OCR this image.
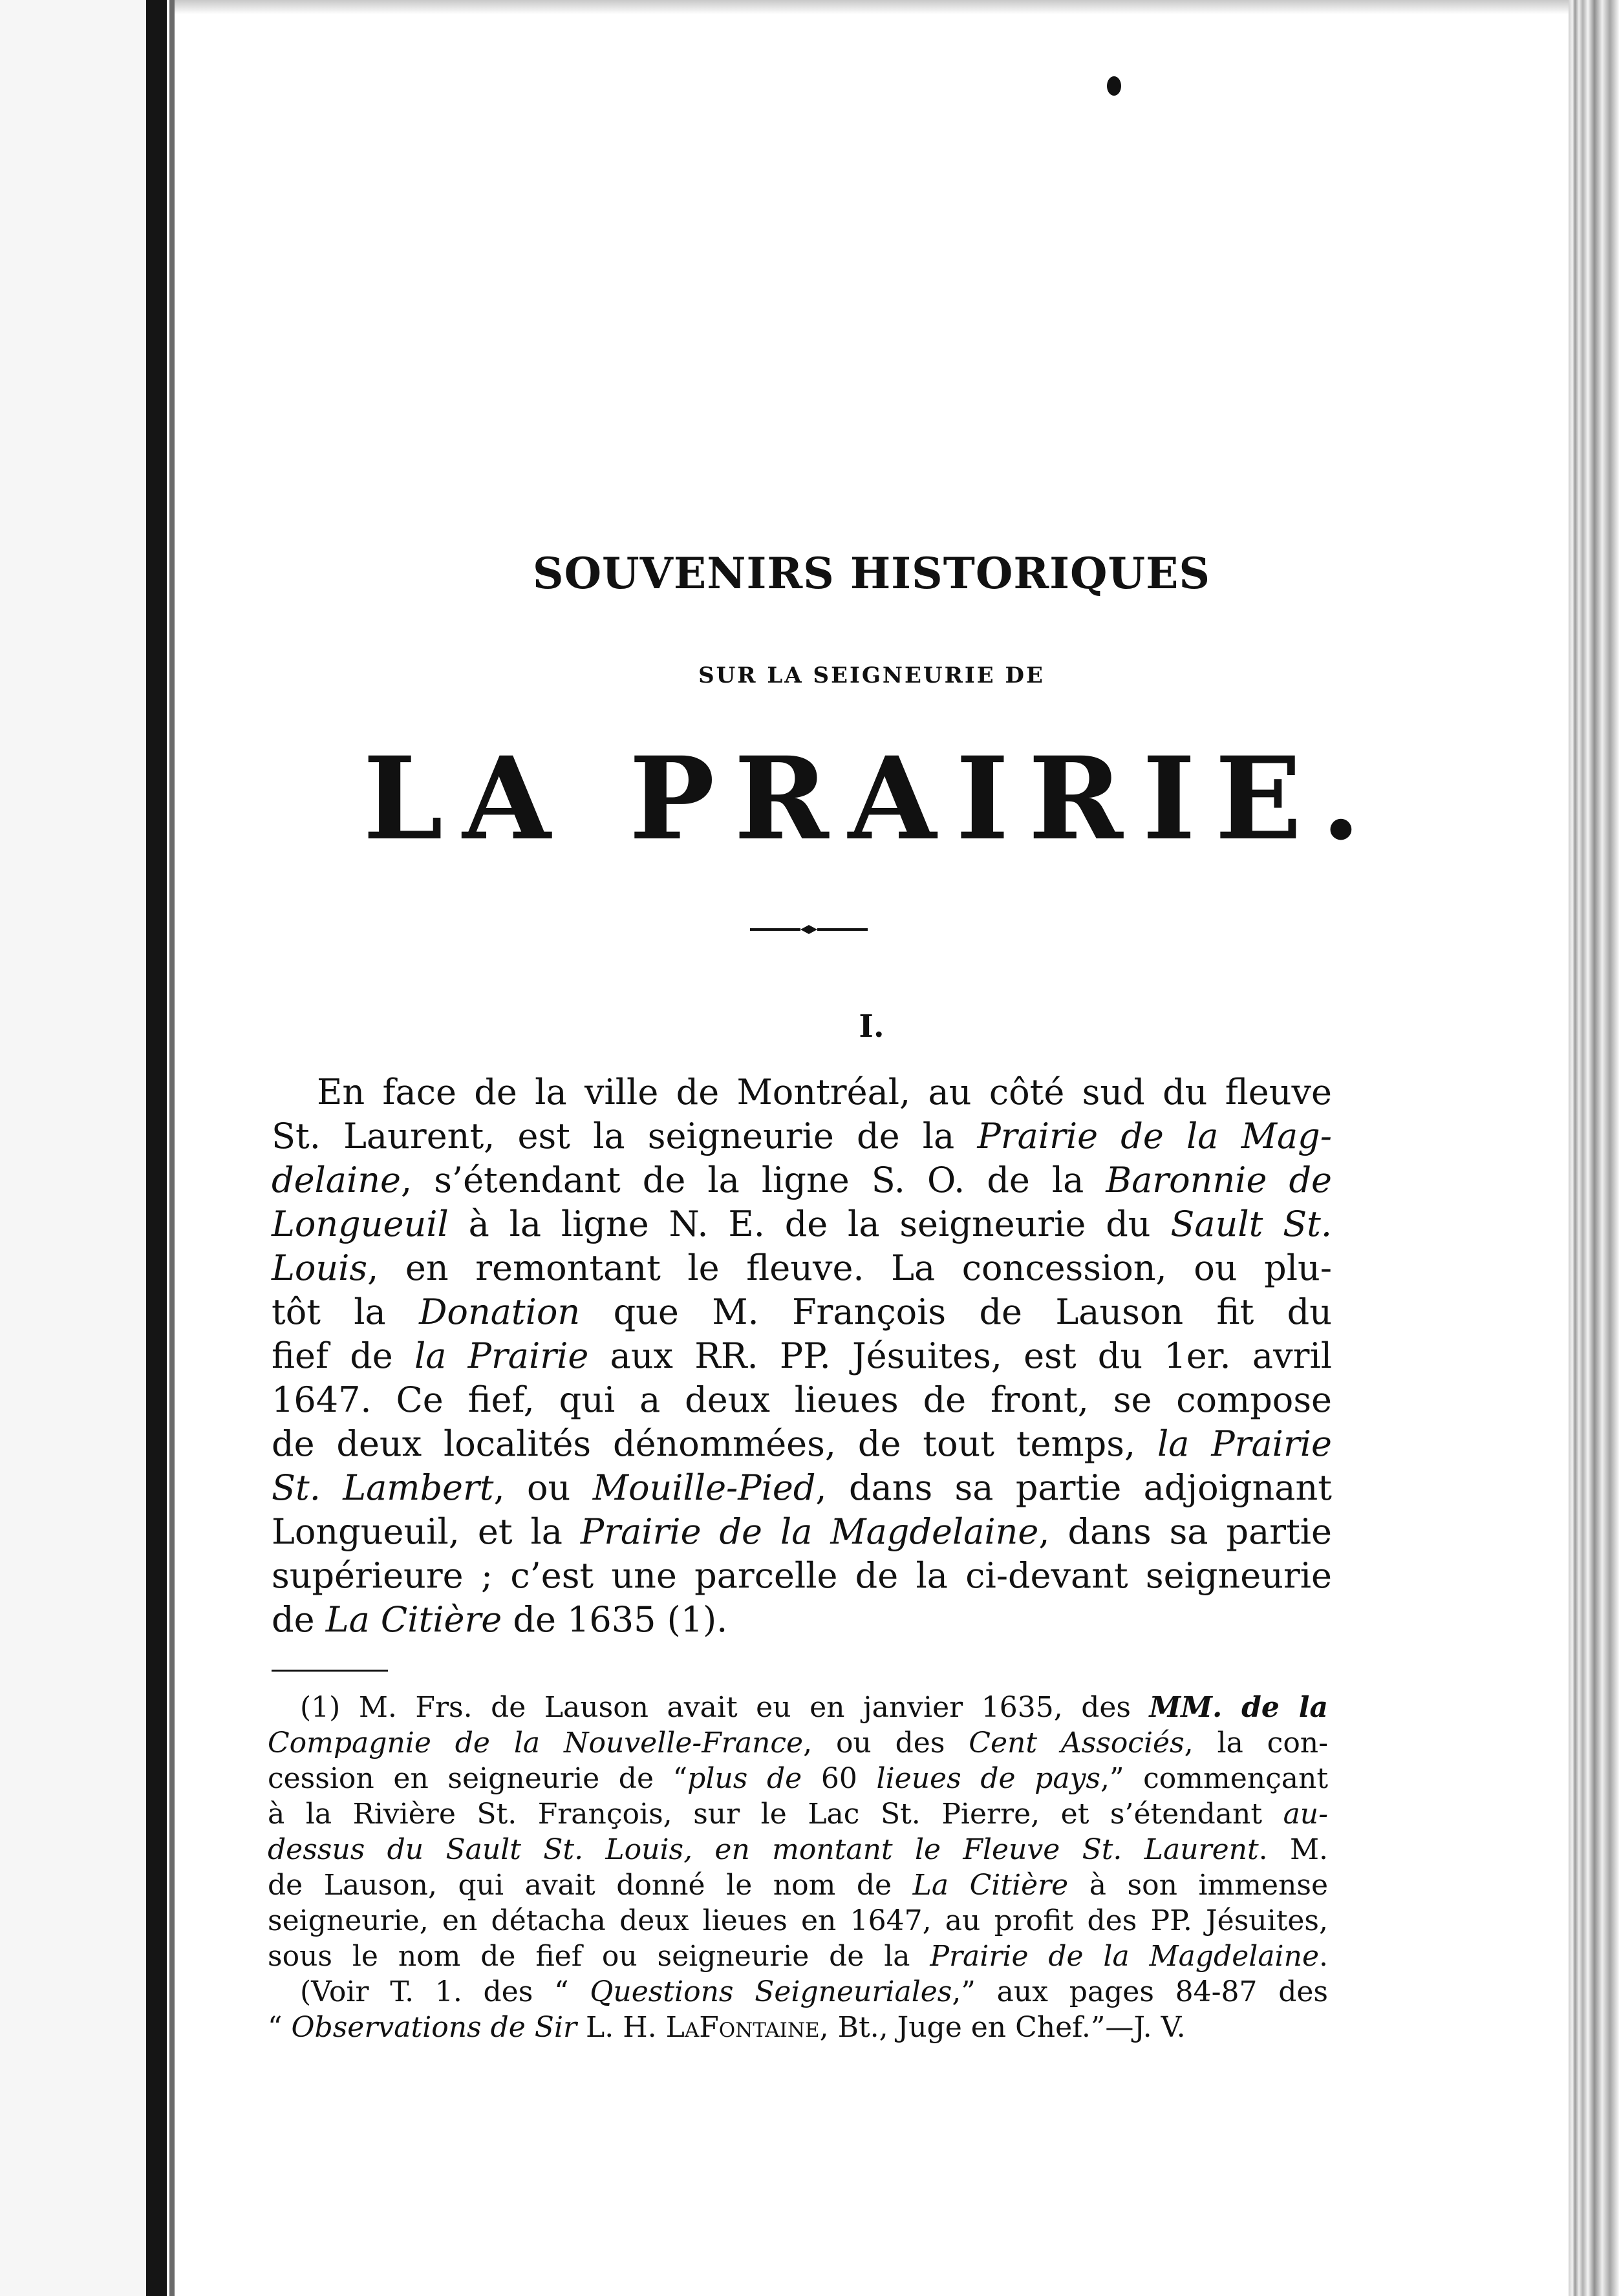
SOUVENIRS HISTORIQUES
SUR LA SEIGNEURIE DE
LA PRAIRIE.
I.
En face de la ville de Montréal, au côté sud du fleuve
St. Laurent, est la seigneurie de la Prairie de la Mag-
delaine, s’étendant de la ligne S. O. de la Baronnie de
Longueuil à la ligne N. E. de la seigneurie du Sault St.
Louis, en remontant le fleuve. La concession, ou plu-
tôt la Donation que M. François de Lauson fit du
fief de la Prairie aux RR. PP. Jésuites, est du 1er. avril
1647. Ce fief, qui a deux lieues de front, se compose
de deux localités dénommées, de tout temps, la Prairie
St. Lambert, ou Mouille-Pied, dans sa partie adjoignant
Longueuil, et la Prairie de la Magdelaine, dans sa partie
supérieure ; c’est une parcelle de la ci-devant seigneurie
de La Citière de 1635 (1).
(1) M. Frs. de Lauson avait eu en janvier 1635, des MM. de la
Compagnie de la Nouvelle-France, ou des Cent Associés, la con-
cession en seigneurie de “plus de 60 lieues de pays,” commençant
à la Rivière St. François, sur le Lac St. Pierre, et s’étendant au-
dessus du Sault St. Louis, en montant le Fleuve St. Laurent. M.
de Lauson, qui avait donné le nom de La Citière à son immense
seigneurie, en détacha deux lieues en 1647, au profit des PP. Jésuites,
sous le nom de fief ou seigneurie de la Prairie de la Magdelaine.
(Voir T. 1. des “ Questions Seigneuriales,” aux pages 84-87 des
“ Observations de Sir L. H. LaFontaine, Bt., Juge en Chef.”—J. V.
